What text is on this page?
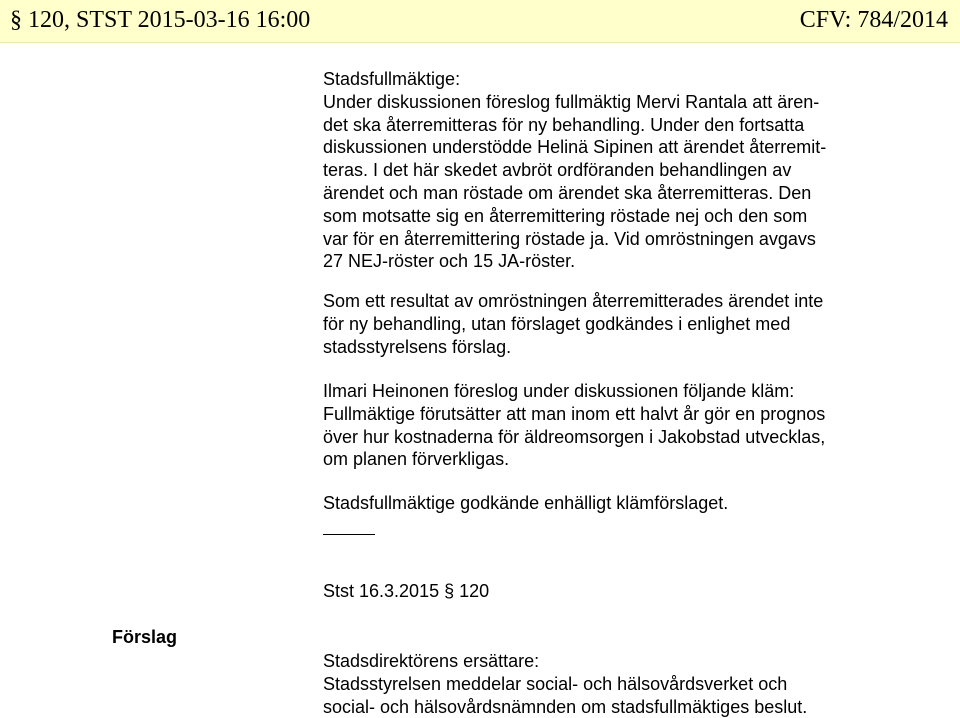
§ 120, STST 2015-03-16 16:00	CFV: 784/2014

Stadsfullmäktige:
Under diskussionen föreslog fullmäktig Mervi Rantala att ären-
det ska återremitteras för ny behandling. Under den fortsatta
diskussionen understödde Helinä Sipinen att ärendet återremit-
teras. I det här skedet avbröt ordföranden behandlingen av
ärendet och man röstade om ärendet ska återremitteras. Den
som motsatte sig en återremittering röstade nej och den som
var för en återremittering röstade ja. Vid omröstningen avgavs
27 NEJ-röster och 15 JA-röster.

Som ett resultat av omröstningen återremitterades ärendet inte
för ny behandling, utan förslaget godkändes i enlighet med
stadsstyrelsens förslag.

Ilmari Heinonen föreslog under diskussionen följande kläm:
Fullmäktige förutsätter att man inom ett halvt år gör en prognos
över hur kostnaderna för äldreomsorgen i Jakobstad utvecklas,
om planen förverkligas.

Stadsfullmäktige godkände enhälligt klämförslaget.

Stst 16.3.2015 § 120

Förslag

Stadsdirektörens ersättare:
Stadsstyrelsen meddelar social- och hälsovårdsverket och
social- och hälsovårdsnämnden om stadsfullmäktiges beslut.
